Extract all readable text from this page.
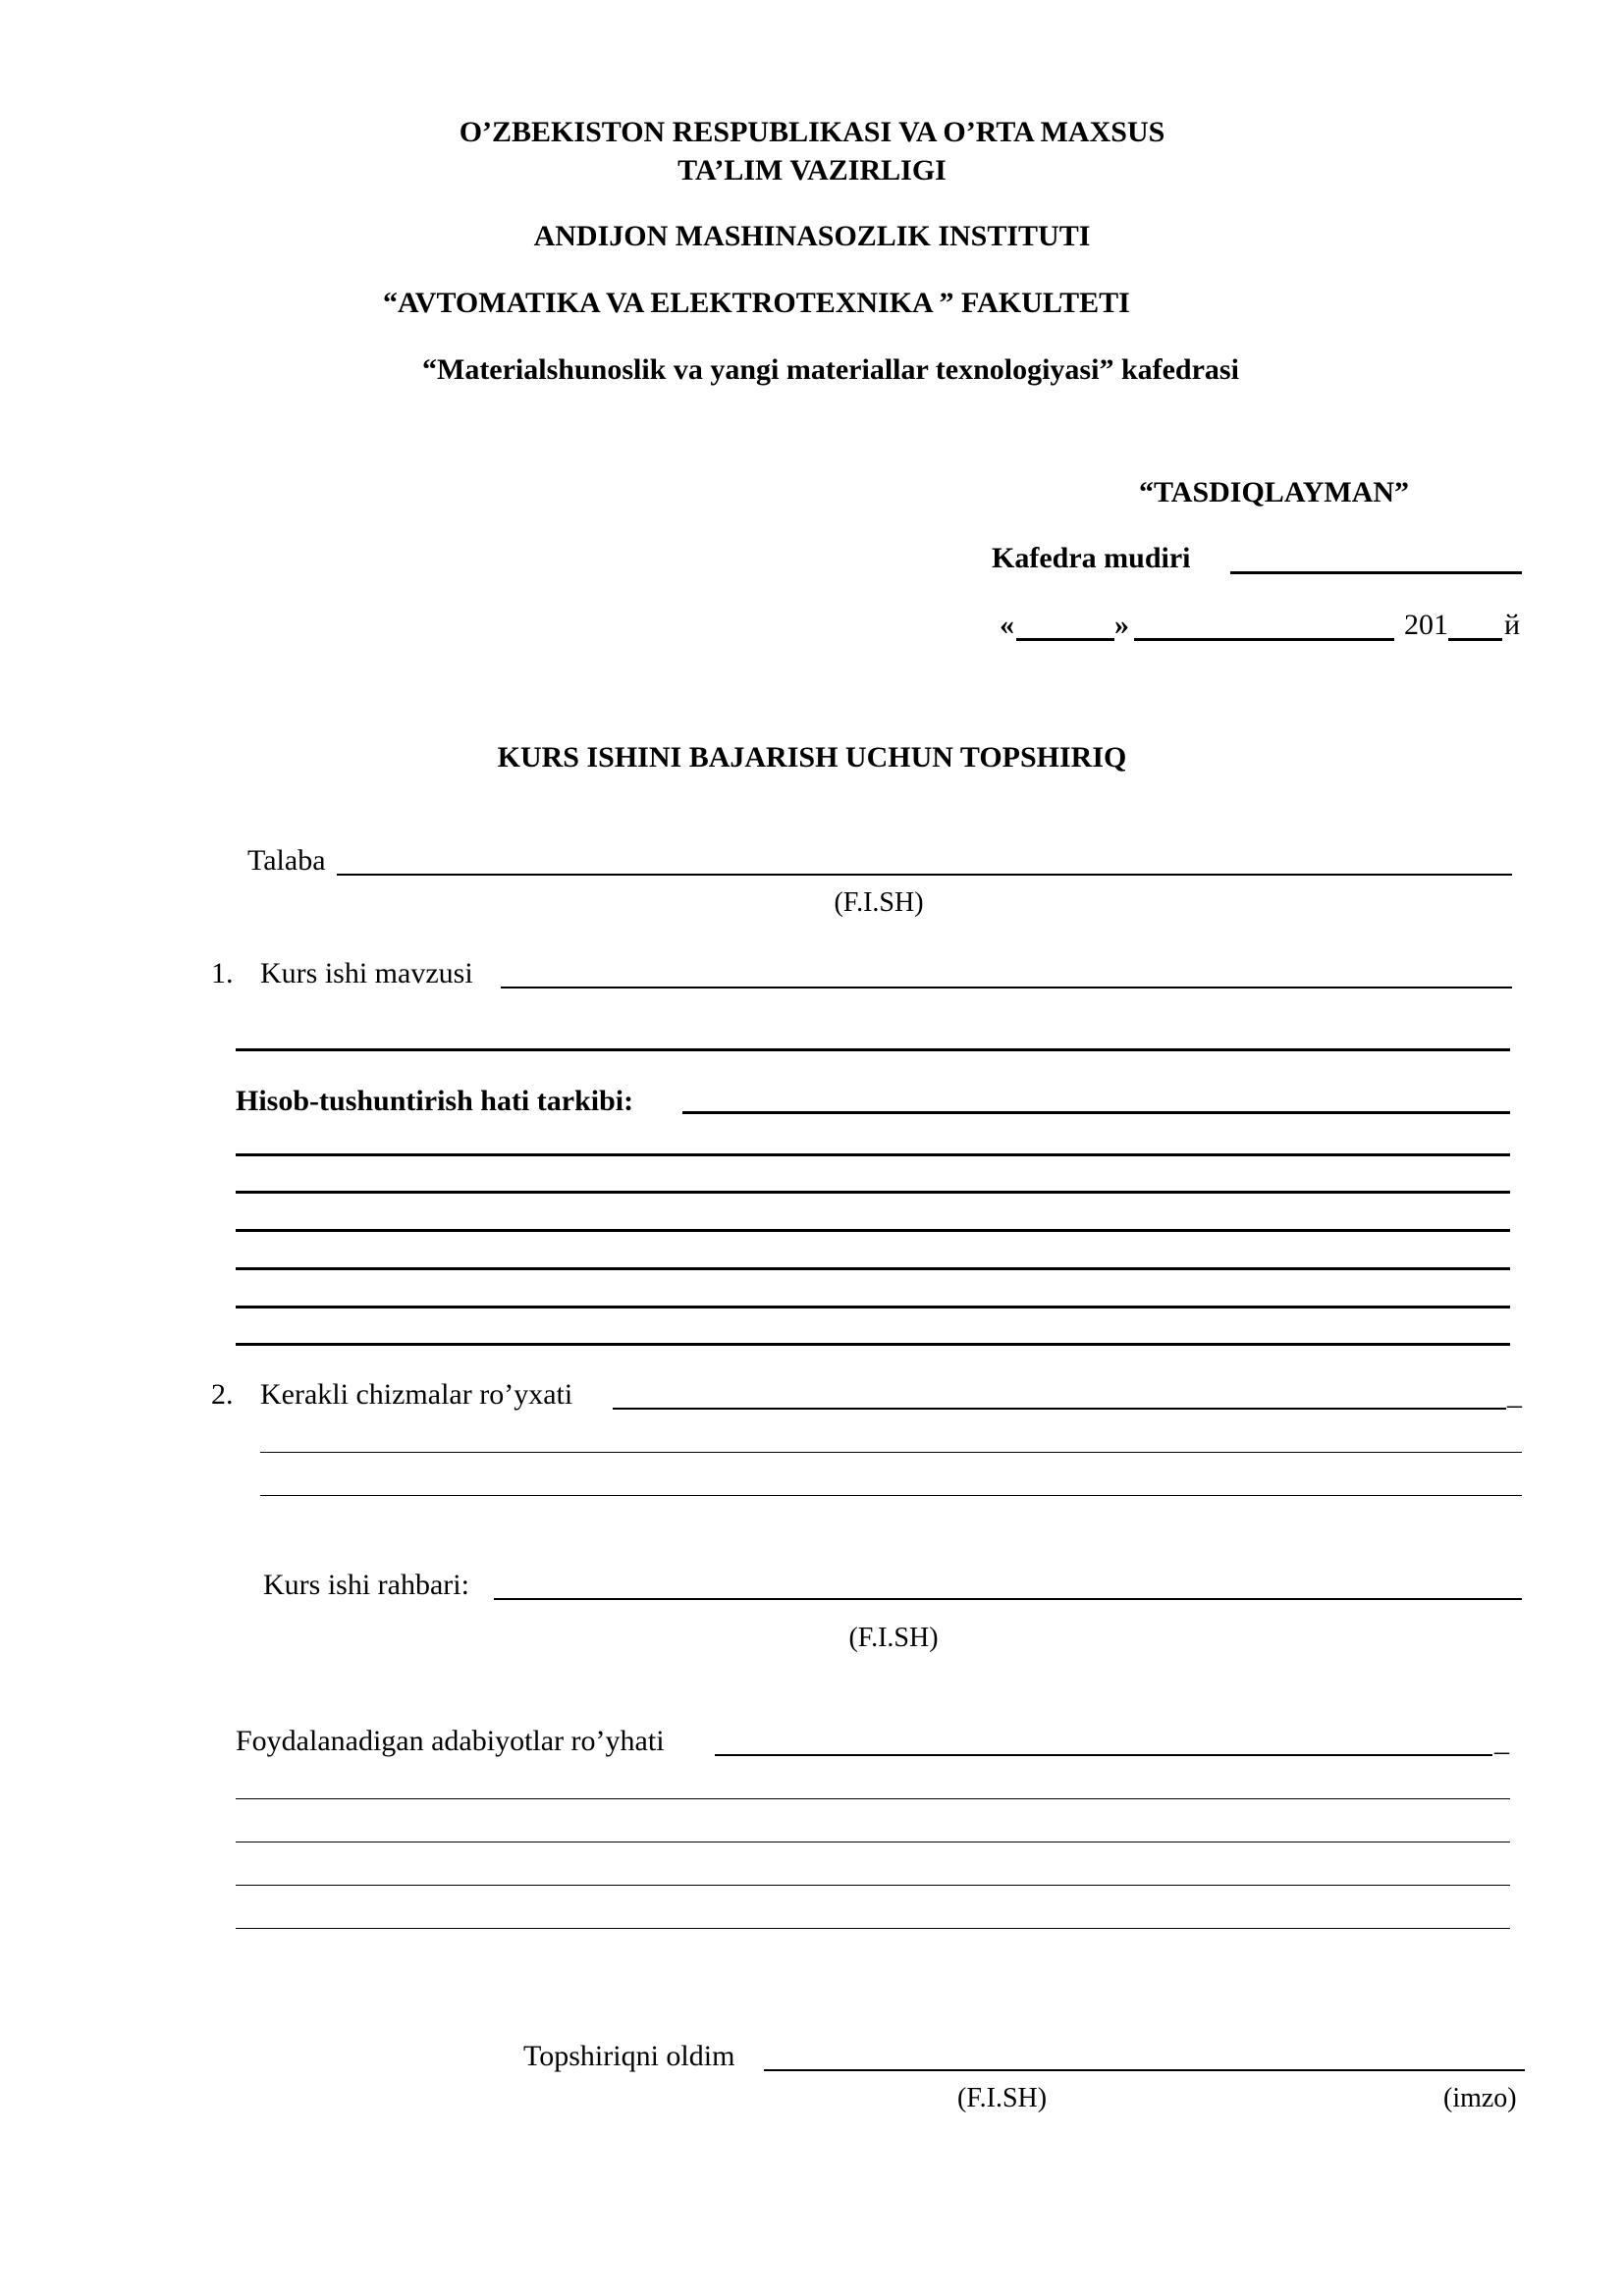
O’ZBEKISTON RESPUBLIKASI VA O’RTA MAXSUS
TA’LIM VAZIRLIGI
ANDIJON MASHINASOZLIK INSTITUTI
“AVTOMATIKA VA ELEKTROTEXNIKA ” FAKULTETI
“Materialshunoslik va yangi materiallar texnologiyasi” kafedrasi
“TASDIQLAYMAN”
Kafedra mudiri
«	»	201 й
KURS ISHINI BAJARISH UCHUN TOPSHIRIQ
Talaba
(F.I.SH)
1. Kurs ishi mavzusi
Hisob-tushuntirish hati tarkibi:
2. Kerakli chizmalar ro’yxati	_
Kurs ishi rahbari:
(F.I.SH)
Foydalanadigan adabiyotlar ro’yhati	_
Topshiriqni oldim
(F.I.SH)	(imzo)
